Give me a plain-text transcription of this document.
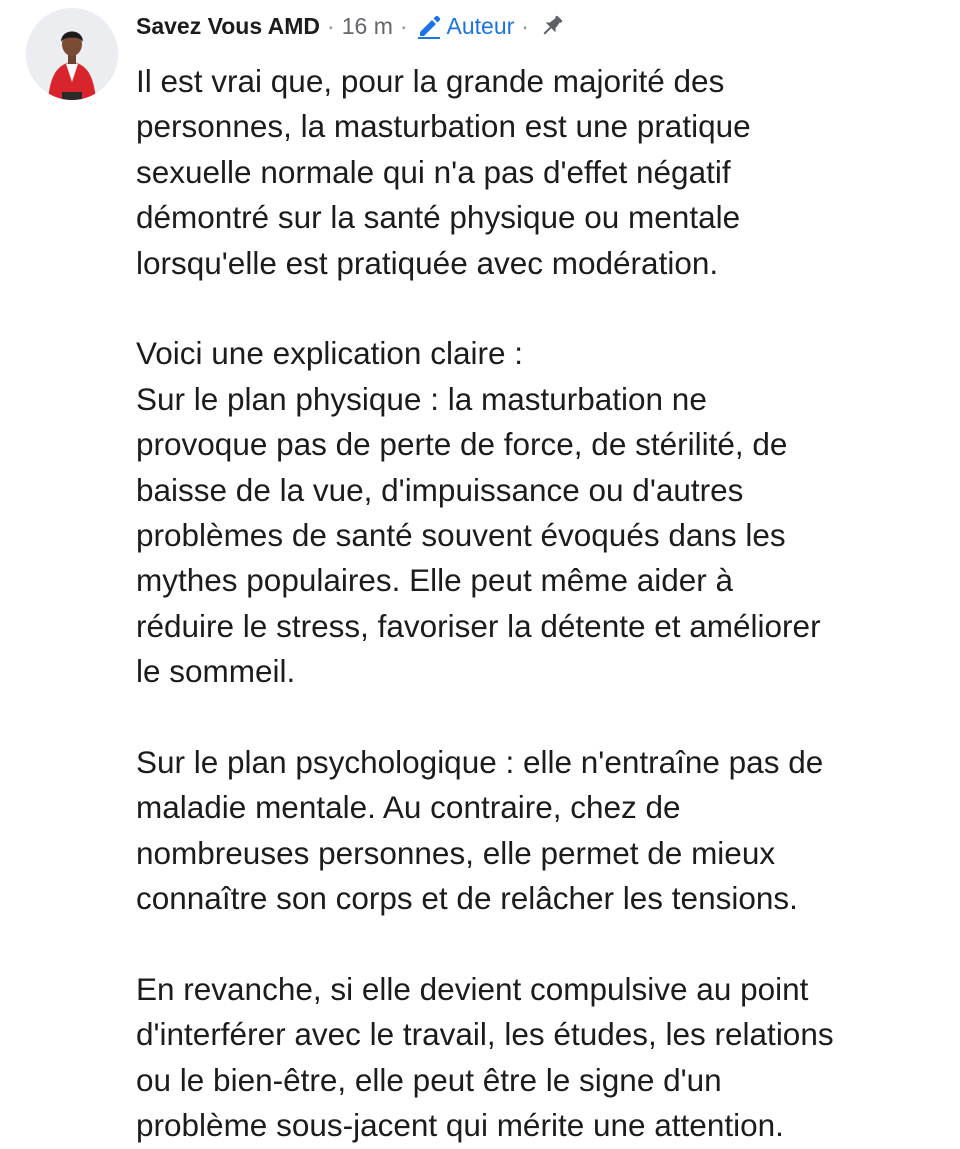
Savez Vous AMD · 16 m · Auteur ·

Il est vrai que, pour la grande majorité des
personnes, la masturbation est une pratique
sexuelle normale qui n'a pas d'effet négatif
démontré sur la santé physique ou mentale
lorsqu'elle est pratiquée avec modération.

Voici une explication claire :
Sur le plan physique : la masturbation ne
provoque pas de perte de force, de stérilité, de
baisse de la vue, d'impuissance ou d'autres
problèmes de santé souvent évoqués dans les
mythes populaires. Elle peut même aider à
réduire le stress, favoriser la détente et améliorer
le sommeil.

Sur le plan psychologique : elle n'entraîne pas de
maladie mentale. Au contraire, chez de
nombreuses personnes, elle permet de mieux
connaître son corps et de relâcher les tensions.

En revanche, si elle devient compulsive au point
d'interférer avec le travail, les études, les relations
ou le bien-être, elle peut être le signe d'un
problème sous-jacent qui mérite une attention.
